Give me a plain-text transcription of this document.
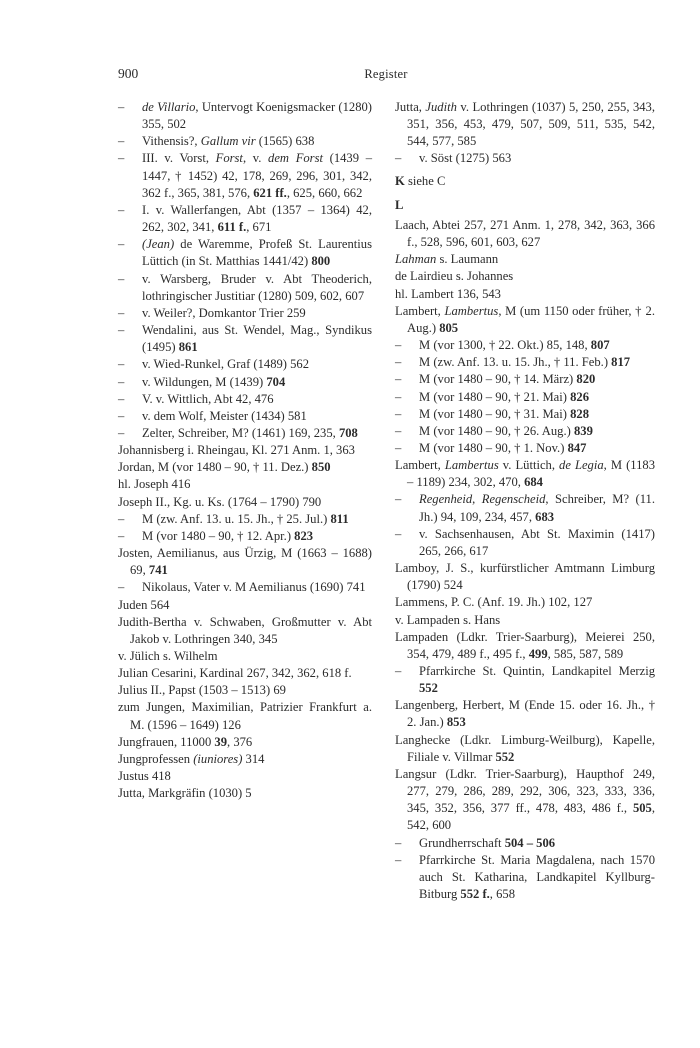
900	Register
– de Villario, Untervogt Koenigsmacker (1280) 355, 502
– Vithensis?, Gallum vir (1565) 638
– III. v. Vorst, Forst, v. dem Forst (1439 – 1447, † 1452) 42, 178, 269, 296, 301, 342, 362 f., 365, 381, 576, 621 ff., 625, 660, 662
– I. v. Wallerfangen, Abt (1357 – 1364) 42, 262, 302, 341, 611 f., 671
– (Jean) de Waremme, Profeß St. Laurentius Lüttich (in St. Matthias 1441/42) 800
– v. Warsberg, Bruder v. Abt Theoderich, lothringischer Justitiar (1280) 509, 602, 607
– v. Weiler?, Domkantor Trier 259
– Wendalini, aus St. Wendel, Mag., Syndikus (1495) 861
– v. Wied-Runkel, Graf (1489) 562
– v. Wildungen, M (1439) 704
– V. v. Wittlich, Abt 42, 476
– v. dem Wolf, Meister (1434) 581
– Zelter, Schreiber, M? (1461) 169, 235, 708
Johannisberg i. Rheingau, Kl. 271 Anm. 1, 363
Jordan, M (vor 1480 – 90, † 11. Dez.) 850
hl. Joseph 416
Joseph II., Kg. u. Ks. (1764 – 1790) 790
– M (zw. Anf. 13. u. 15. Jh., † 25. Jul.) 811
– M (vor 1480 – 90, † 12. Apr.) 823
Josten, Aemilianus, aus Ürzig, M (1663 – 1688) 69, 741
– Nikolaus, Vater v. M Aemilianus (1690) 741
Juden 564
Judith-Bertha v. Schwaben, Großmutter v. Abt Jakob v. Lothringen 340, 345
v. Jülich s. Wilhelm
Julian Cesarini, Kardinal 267, 342, 362, 618 f.
Julius II., Papst (1503 – 1513) 69
zum Jungen, Maximilian, Patrizier Frankfurt a. M. (1596 – 1649) 126
Jungfrauen, 11000 39, 376
Jungprofessen (iuniores) 314
Justus 418
Jutta, Markgräfin (1030) 5
Jutta, Judith v. Lothringen (1037) 5, 250, 255, 343, 351, 356, 453, 479, 507, 509, 511, 535, 542, 544, 577, 585
– v. Söst (1275) 563
K siehe C
L
Laach, Abtei 257, 271 Anm. 1, 278, 342, 363, 366 f., 528, 596, 601, 603, 627
Lahman s. Laumann
de Lairdieu s. Johannes
hl. Lambert 136, 543
Lambert, Lambertus, M (um 1150 oder früher, † 2. Aug.) 805
– M (vor 1300, † 22. Okt.) 85, 148, 807
– M (zw. Anf. 13. u. 15. Jh., † 11. Feb.) 817
– M (vor 1480 – 90, † 14. März) 820
– M (vor 1480 – 90, † 21. Mai) 826
– M (vor 1480 – 90, † 31. Mai) 828
– M (vor 1480 – 90, † 26. Aug.) 839
– M (vor 1480 – 90, † 1. Nov.) 847
Lambert, Lambertus v. Lüttich, de Legia, M (1183 – 1189) 234, 302, 470, 684
– Regenheid, Regenscheid, Schreiber, M? (11. Jh.) 94, 109, 234, 457, 683
– v. Sachsenhausen, Abt St. Maximin (1417) 265, 266, 617
Lamboy, J. S., kurfürstlicher Amtmann Limburg (1790) 524
Lammens, P. C. (Anf. 19. Jh.) 102, 127
v. Lampaden s. Hans
Lampaden (Ldkr. Trier-Saarburg), Meierei 250, 354, 479, 489 f., 495 f., 499, 585, 587, 589
– Pfarrkirche St. Quintin, Landkapitel Merzig 552
Langenberg, Herbert, M (Ende 15. oder 16. Jh., † 2. Jan.) 853
Langhecke (Ldkr. Limburg-Weilburg), Kapelle, Filiale v. Villmar 552
Langsur (Ldkr. Trier-Saarburg), Haupthof 249, 277, 279, 286, 289, 292, 306, 323, 333, 336, 345, 352, 356, 377 ff., 478, 483, 486 f., 505, 542, 600
– Grundherrschaft 504 – 506
– Pfarrkirche St. Maria Magdalena, nach 1570 auch St. Katharina, Landkapitel Kyllburg-Bitburg 552 f., 658
